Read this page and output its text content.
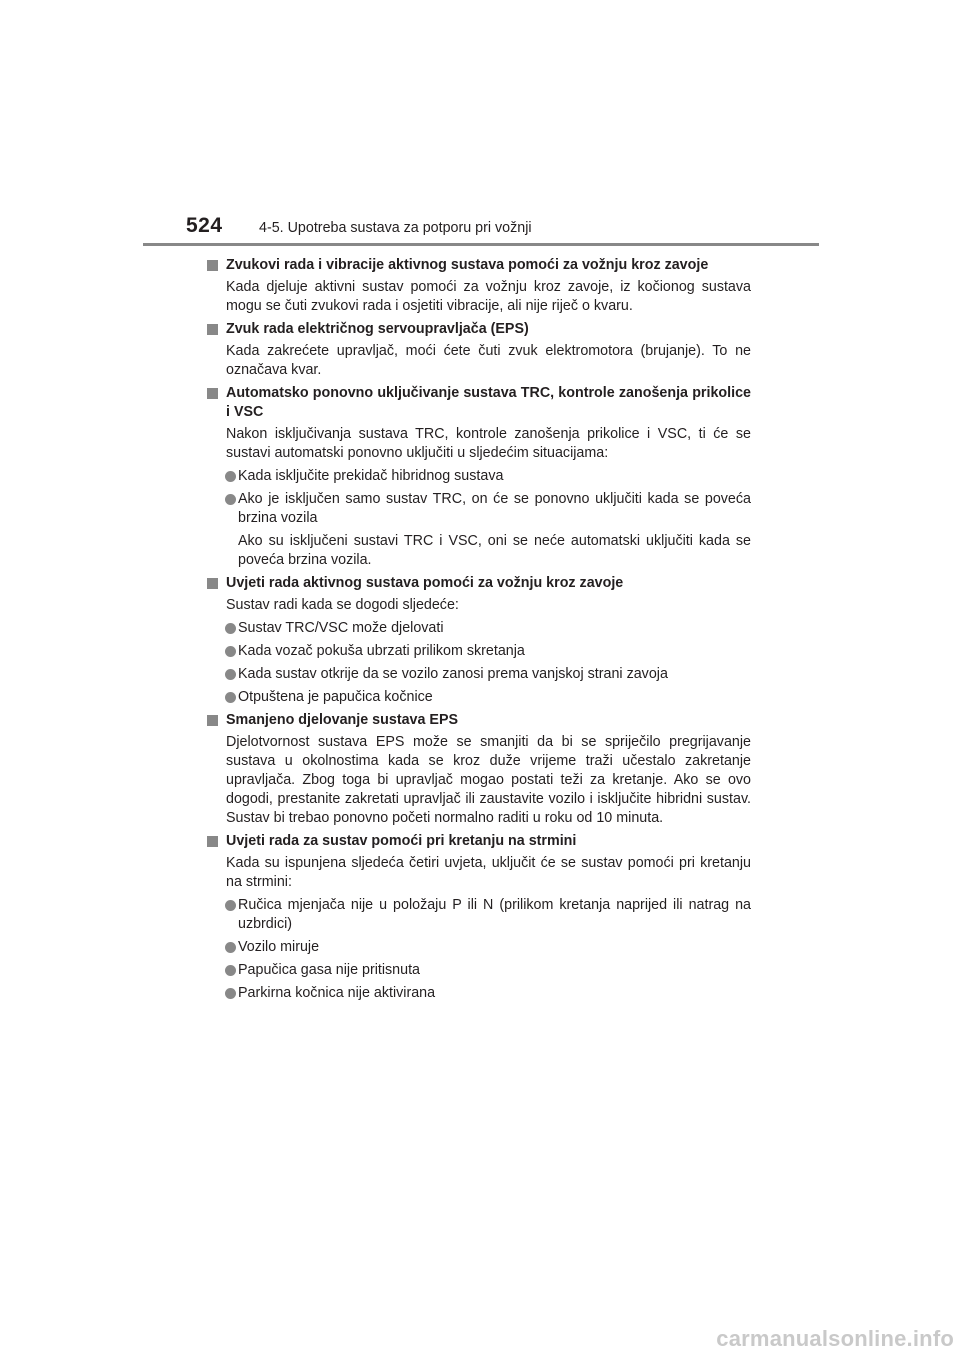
524	4-5. Upotreba sustava za potporu pri vožnji
Zvukovi rada i vibracije aktivnog sustava pomoći za vožnju kroz zavoje
Kada djeluje aktivni sustav pomoći za vožnju kroz zavoje, iz kočionog sustava mogu se čuti zvukovi rada i osjetiti vibracije, ali nije riječ o kvaru.
Zvuk rada električnog servoupravljača (EPS)
Kada zakrećete upravljač, moći ćete čuti zvuk elektromotora (brujanje). To ne označava kvar.
Automatsko ponovno uključivanje sustava TRC, kontrole zanošenja prikolice i VSC
Nakon isključivanja sustava TRC, kontrole zanošenja prikolice i VSC, ti će se sustavi automatski ponovno uključiti u sljedećim situacijama:
Kada isključite prekidač hibridnog sustava
Ako je isključen samo sustav TRC, on će se ponovno uključiti kada se poveća brzina vozila
Ako su isključeni sustavi TRC i VSC, oni se neće automatski uključiti kada se poveća brzina vozila.
Uvjeti rada aktivnog sustava pomoći za vožnju kroz zavoje
Sustav radi kada se dogodi sljedeće:
Sustav TRC/VSC može djelovati
Kada vozač pokuša ubrzati prilikom skretanja
Kada sustav otkrije da se vozilo zanosi prema vanjskoj strani zavoja
Otpuštena je papučica kočnice
Smanjeno djelovanje sustava EPS
Djelotvornost sustava EPS može se smanjiti da bi se spriječilo pregrijavanje sustava u okolnostima kada se kroz duže vrijeme traži učestalo zakretanje upravljača. Zbog toga bi upravljač mogao postati teži za kretanje. Ako se ovo dogodi, prestanite zakretati upravljač ili zaustavite vozilo i isključite hibridni sustav. Sustav bi trebao ponovno početi normalno raditi u roku od 10 minuta.
Uvjeti rada za sustav pomoći pri kretanju na strmini
Kada su ispunjena sljedeća četiri uvjeta, uključit će se sustav pomoći pri kretanju na strmini:
Ručica mjenjača nije u položaju P ili N (prilikom kretanja naprijed ili natrag na uzbrdici)
Vozilo miruje
Papučica gasa nije pritisnuta
Parkirna kočnica nije aktivirana
carmanualsonline.info
